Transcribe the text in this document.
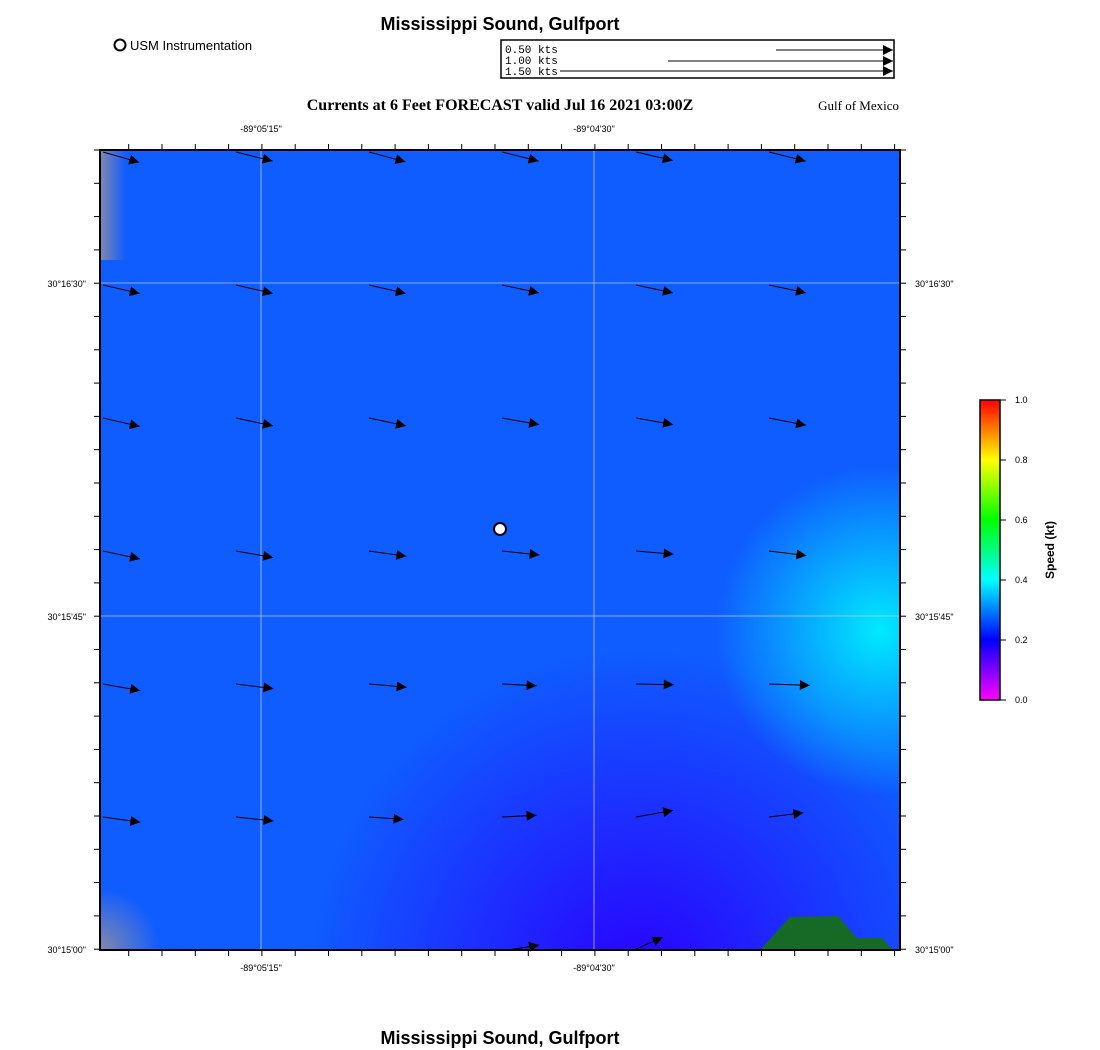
Mississippi Sound, Gulfport
USM Instrumentation	0.50 kts
1.00 kts
1.50 kts
Currents at 6 Feet FORECAST valid Jul 16 2021 03:00Z	Gulf of Mexico
-89°05'15"	-89°04'30"
-89°05'15"	-89°04'30"
30°16'30"
30°15'45"
30°15'00"
30°16'30"
30°15'45"
30°15'00"
1.0
0.8
0.6
0.4
0.2
0.0
Speed (kt)
Mississippi Sound, Gulfport
